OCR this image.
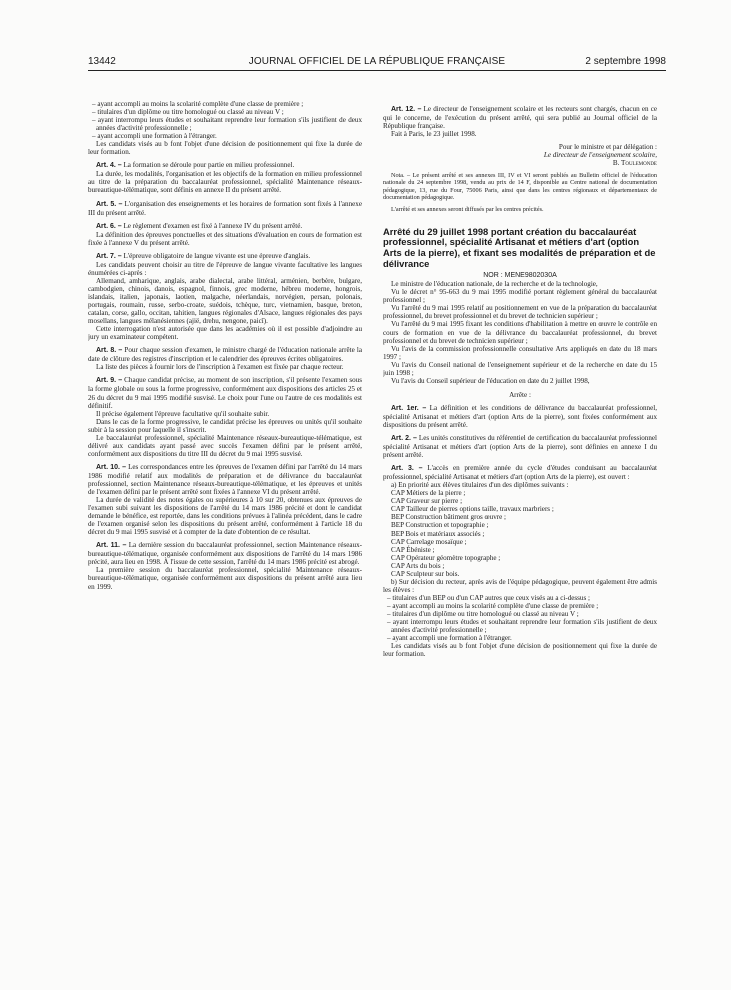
13442	JOURNAL OFFICIEL DE LA RÉPUBLIQUE FRANÇAISE	2 septembre 1998
– ayant accompli au moins la scolarité complète d'une classe de première ;
– titulaires d'un diplôme ou titre homologué ou classé au niveau V ;
– ayant interrompu leurs études et souhaitant reprendre leur formation s'ils justifient de deux années d'activité professionnelle ;
– ayant accompli une formation à l'étranger.
Les candidats visés au b font l'objet d'une décision de positionnement qui fixe la durée de leur formation.
Art. 4. – La formation se déroule pour partie en milieu professionnel.
La durée, les modalités, l'organisation et les objectifs de la formation en milieu professionnel au titre de la préparation du baccalauréat professionnel, spécialité Maintenance réseaux-bureautique-télématique, sont définis en annexe II du présent arrêté.
Art. 5. – L'organisation des enseignements et les horaires de formation sont fixés à l'annexe III du présent arrêté.
Art. 6. – Le règlement d'examen est fixé à l'annexe IV du présent arrêté.
La définition des épreuves ponctuelles et des situations d'évaluation en cours de formation est fixée à l'annexe V du présent arrêté.
Art. 7. – L'épreuve obligatoire de langue vivante est une épreuve d'anglais.
Les candidats peuvent choisir au titre de l'épreuve de langue vivante facultative les langues énumérées ci-après :
Allemand, amharique, anglais, arabe dialectal, arabe littéral, arménien, berbère, bulgare, cambodgien, chinois, danois, espagnol, finnois, grec moderne, hébreu moderne, hongrois, islandais, italien, japonais, laotien, malgache, néerlandais, norvégien, persan, polonais, portugais, roumain, russe, serbo-croate, suédois, tchèque, turc, vietnamien, basque, breton, catalan, corse, gallo, occitan, tahitien, langues régionales d'Alsace, langues régionales des pays mosellans, langues mélanésiennes (ajië, drehu, nengone, paicî).
Cette interrogation n'est autorisée que dans les académies où il est possible d'adjoindre au jury un examinateur compétent.
Art. 8. – Pour chaque session d'examen, le ministre chargé de l'éducation nationale arrête la date de clôture des registres d'inscription et le calendrier des épreuves écrites obligatoires.
La liste des pièces à fournir lors de l'inscription à l'examen est fixée par chaque recteur.
Art. 9. – Chaque candidat précise, au moment de son inscription, s'il présente l'examen sous la forme globale ou sous la forme progressive, conformément aux dispositions des articles 25 et 26 du décret du 9 mai 1995 modifié susvisé. Le choix pour l'une ou l'autre de ces modalités est définitif.
Il précise également l'épreuve facultative qu'il souhaite subir.
Dans le cas de la forme progressive, le candidat précise les épreuves ou unités qu'il souhaite subir à la session pour laquelle il s'inscrit.
Le baccalauréat professionnel, spécialité Maintenance réseaux-bureautique-télématique, est délivré aux candidats ayant passé avec succès l'examen défini par le présent arrêté, conformément aux dispositions du titre III du décret du 9 mai 1995 susvisé.
Art. 10. – Les correspondances entre les épreuves de l'examen défini par l'arrêté du 14 mars 1986 modifié relatif aux modalités de préparation et de délivrance du baccalauréat professionnel, section Maintenance réseaux-bureautique-télématique, et les épreuves et unités de l'examen défini par le présent arrêté sont fixées à l'annexe VI du présent arrêté.
La durée de validité des notes égales ou supérieures à 10 sur 20, obtenues aux épreuves de l'examen subi suivant les dispositions de l'arrêté du 14 mars 1986 précité et dont le candidat demande le bénéfice, est reportée, dans les conditions prévues à l'alinéa précédent, dans le cadre de l'examen organisé selon les dispositions du présent arrêté, conformément à l'article 18 du décret du 9 mai 1995 susvisé et à compter de la date d'obtention de ce résultat.
Art. 11. – La dernière session du baccalauréat professionnel, section Maintenance réseaux-bureautique-télématique, organisée conformément aux dispositions de l'arrêté du 14 mars 1986 précité, aura lieu en 1998. À l'issue de cette session, l'arrêté du 14 mars 1986 précité est abrogé.
La première session du baccalauréat professionnel, spécialité Maintenance réseaux-bureautique-télématique, organisée conformément aux dispositions du présent arrêté aura lieu en 1999.
Art. 12. – Le directeur de l'enseignement scolaire et les recteurs sont chargés, chacun en ce qui le concerne, de l'exécution du présent arrêté, qui sera publié au Journal officiel de la République française.
Fait à Paris, le 23 juillet 1998.
Pour le ministre et par délégation :
Le directeur de l'enseignement scolaire,
B. Toulemonde
Nota. – Le présent arrêté et ses annexes III, IV et VI seront publiés au Bulletin officiel de l'éducation nationale du 24 septembre 1998, vendu au prix de 14 F, disponible au Centre national de documentation pédagogique, 13, rue du Four, 75006 Paris, ainsi que dans les centres régionaux et départementaux de documentation pédagogique.
L'arrêté et ses annexes seront diffusés par les centres précités.
Arrêté du 29 juillet 1998 portant création du baccalauréat professionnel, spécialité Artisanat et métiers d'art (option Arts de la pierre), et fixant ses modalités de préparation et de délivrance
NOR : MENE9802030A
Le ministre de l'éducation nationale, de la recherche et de la technologie,
Vu le décret n° 95-663 du 9 mai 1995 modifié portant règlement général du baccalauréat professionnel ;
Vu l'arrêté du 9 mai 1995 relatif au positionnement en vue de la préparation du baccalauréat professionnel, du brevet professionnel et du brevet de technicien supérieur ;
Vu l'arrêté du 9 mai 1995 fixant les conditions d'habilitation à mettre en œuvre le contrôle en cours de formation en vue de la délivrance du baccalauréat professionnel, du brevet professionnel et du brevet de technicien supérieur ;
Vu l'avis de la commission professionnelle consultative Arts appliqués en date du 18 mars 1997 ;
Vu l'avis du Conseil national de l'enseignement supérieur et de la recherche en date du 15 juin 1998 ;
Vu l'avis du Conseil supérieur de l'éducation en date du 2 juillet 1998,
Arrête :
Art. 1er. – La définition et les conditions de délivrance du baccalauréat professionnel, spécialité Artisanat et métiers d'art (option Arts de la pierre), sont fixées conformément aux dispositions du présent arrêté.
Art. 2. – Les unités constitutives du référentiel de certification du baccalauréat professionnel spécialité Artisanat et métiers d'art (option Arts de la pierre), sont définies en annexe I du présent arrêté.
Art. 3. – L'accès en première année du cycle d'études conduisant au baccalauréat professionnel, spécialité Artisanat et métiers d'art (option Arts de la pierre), est ouvert :
a) En priorité aux élèves titulaires d'un des diplômes suivants :
CAP Métiers de la pierre ;
CAP Graveur sur pierre ;
CAP Tailleur de pierres options taille, travaux marbriers ;
BEP Construction bâtiment gros œuvre ;
BEP Construction et topographie ;
BEP Bois et matériaux associés ;
CAP Carrelage mosaïque ;
CAP Ébéniste ;
CAP Opérateur géomètre topographe ;
CAP Arts du bois ;
CAP Sculpteur sur bois.
b) Sur décision du recteur, après avis de l'équipe pédagogique, peuvent également être admis les élèves :
– titulaires d'un BEP ou d'un CAP autres que ceux visés au a ci-dessus ;
– ayant accompli au moins la scolarité complète d'une classe de première ;
– titulaires d'un diplôme ou titre homologué ou classé au niveau V ;
– ayant interrompu leurs études et souhaitant reprendre leur formation s'ils justifient de deux années d'activité professionnelle ;
– ayant accompli une formation à l'étranger.
Les candidats visés au b font l'objet d'une décision de positionnement qui fixe la durée de leur formation.
